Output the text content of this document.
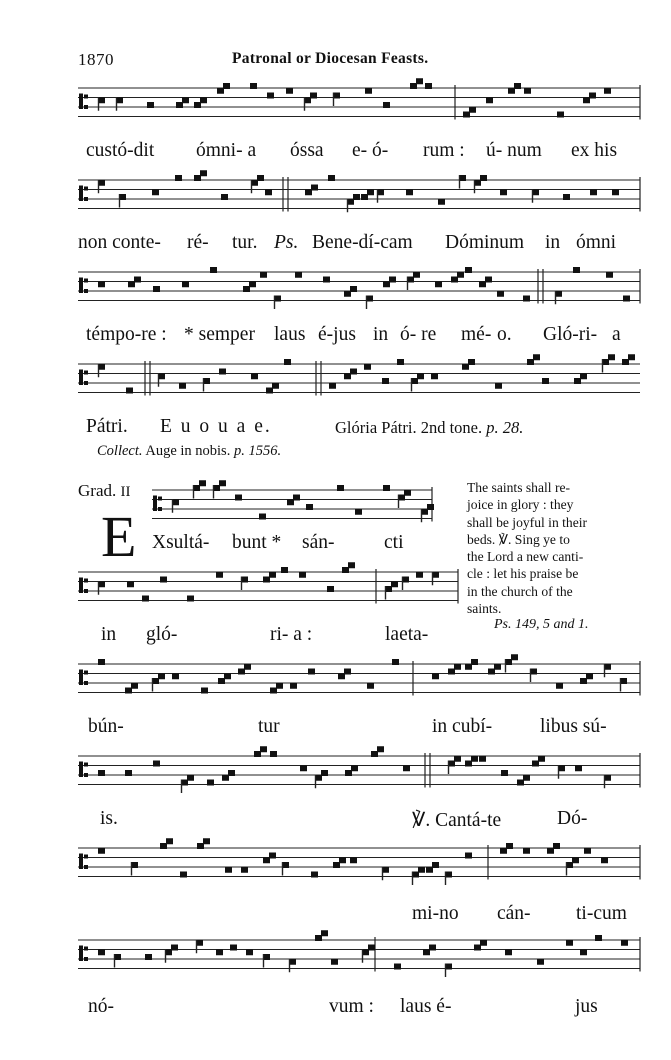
1870	Patronal or Diocesan Feasts.
custó-dit ómni- a óssa e- ó- rum : ú- num ex his
non conte- ré- tur. Ps. Bene-dí-cam Dóminum in ómni
témpo-re : * semper laus é-jus in ó- re mé- o. Gló-ri- a
Pátri. E u o u a e.	Glória Pátri. 2nd tone. p. 28.
Collect. Auge in nobis. p. 1556.
Grad. II
E Xsultá- bunt * sán-	cti
in gló-	ri- a :	laeta-
bún-	tur	in cubí- libus sú-
is.	℣. Cantá-te	Dó-
mi-no cán- ti-cum
nó-	vum : laus é-	jus
The saints shall re-
joice in glory : they
shall be joyful in their
beds. ℣. Sing ye to
the Lord a new canti-
cle : let his praise be
in the church of the
saints.
Ps. 149, 5 and 1.
